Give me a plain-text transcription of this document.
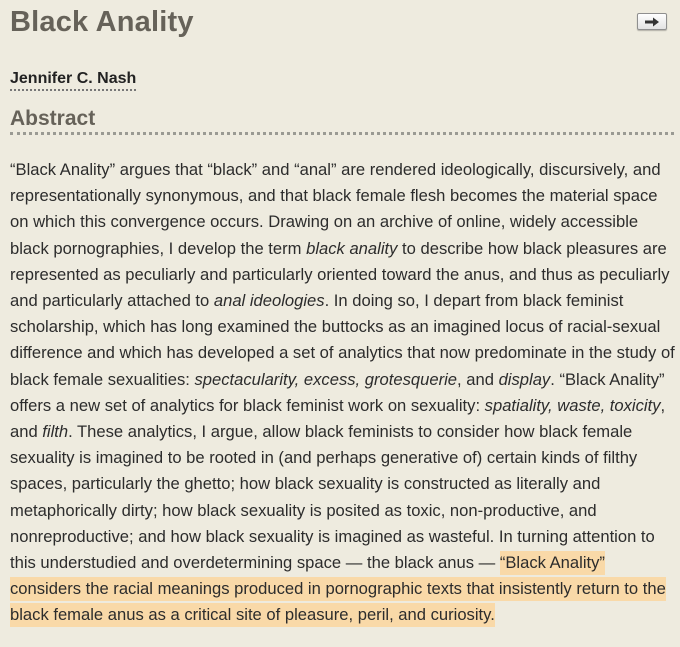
Black Anality
Jennifer C. Nash
Abstract

“Black Anality” argues that “black” and “anal” are rendered ideologically, discursively, and representationally synonymous, and that black female flesh becomes the material space on which this convergence occurs. Drawing on an archive of online, widely accessible black pornographies, I develop the term black anality to describe how black pleasures are represented as peculiarly and particularly oriented toward the anus, and thus as peculiarly and particularly attached to anal ideologies. In doing so, I depart from black feminist scholarship, which has long examined the buttocks as an imagined locus of racial-sexual difference and which has developed a set of analytics that now predominate in the study of black female sexualities: spectacularity, excess, grotesquerie, and display. “Black Anality” offers a new set of analytics for black feminist work on sexuality: spatiality, waste, toxicity, and filth. These analytics, I argue, allow black feminists to consider how black female sexuality is imagined to be rooted in (and perhaps generative of) certain kinds of filthy spaces, particularly the ghetto; how black sexuality is constructed as literally and metaphorically dirty; how black sexuality is posited as toxic, non-productive, and nonreproductive; and how black sexuality is imagined as wasteful. In turning attention to this understudied and overdetermining space — the black anus — “Black Anality” considers the racial meanings produced in pornographic texts that insistently return to the black female anus as a critical site of pleasure, peril, and curiosity.
